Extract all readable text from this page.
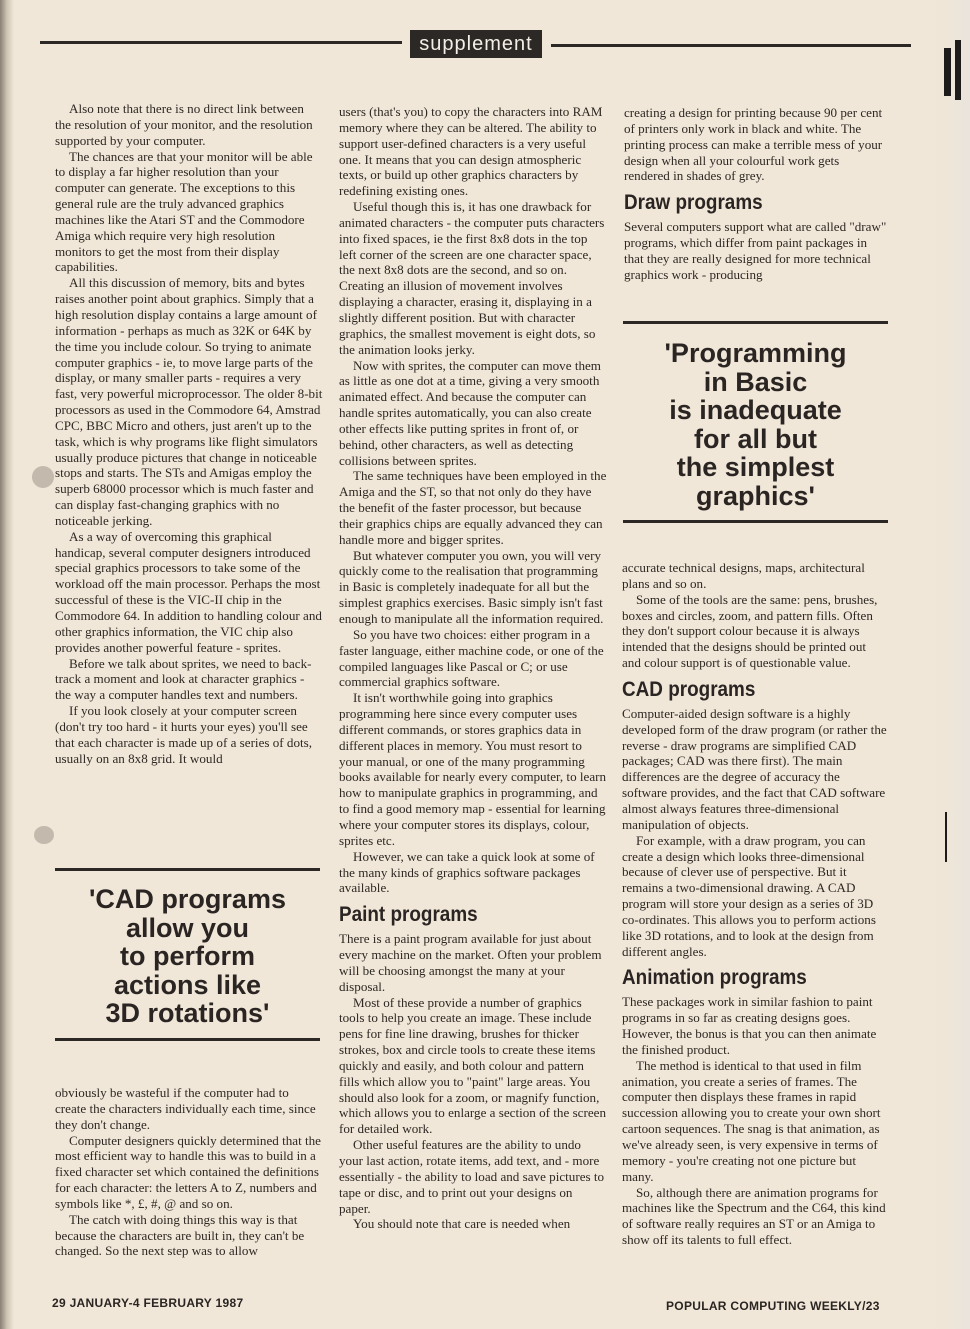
supplement

Also note that there is no direct link between the resolution of your monitor, and the resolution supported by your computer.

The chances are that your monitor will be able to display a far higher resolution than your computer can generate. The exceptions to this general rule are the truly advanced graphics machines like the Atari ST and the Commodore Amiga which require very high resolution monitors to get the most from their display capabilities.

All this discussion of memory, bits and bytes raises another point about graphics. Simply that a high resolution display contains a large amount of information - perhaps as much as 32K or 64K by the time you include colour. So trying to animate computer graphics - ie, to move large parts of the display, or many smaller parts - requires a very fast, very powerful microprocessor. The older 8-bit processors as used in the Commodore 64, Amstrad CPC, BBC Micro and others, just aren't up to the task, which is why programs like flight simulators usually produce pictures that change in noticeable stops and starts. The STs and Amigas employ the superb 68000 processor which is much faster and can display fast-changing graphics with no noticeable jerking.

As a way of overcoming this graphical handicap, several computer designers introduced special graphics processors to take some of the workload off the main processor. Perhaps the most successful of these is the VIC-II chip in the Commodore 64. In addition to handling colour and other graphics information, the VIC chip also provides another powerful feature - sprites.

Before we talk about sprites, we need to back-track a moment and look at character graphics - the way a computer handles text and numbers.

If you look closely at your computer screen (don't try too hard - it hurts your eyes) you'll see that each character is made up of a series of dots, usually on an 8x8 grid. It would

'CAD programs
allow you
to perform
actions like
3D rotations'

obviously be wasteful if the computer had to create the characters individually each time, since they don't change.

Computer designers quickly determined that the most efficient way to handle this was to build in a fixed character set which contained the definitions for each character: the letters A to Z, numbers and symbols like *, £, #, @ and so on.

The catch with doing things this way is that because the characters are built in, they can't be changed. So the next step was to allow

users (that's you) to copy the characters into RAM memory where they can be altered. The ability to support user-defined characters is a very useful one. It means that you can design atmospheric texts, or build up other graphics characters by redefining existing ones.

Useful though this is, it has one drawback for animated characters - the computer puts characters into fixed spaces, ie the first 8x8 dots in the top left corner of the screen are one character space, the next 8x8 dots are the second, and so on. Creating an illusion of movement involves displaying a character, erasing it, displaying in a slightly different position. But with character graphics, the smallest movement is eight dots, so the animation looks jerky.

Now with sprites, the computer can move them as little as one dot at a time, giving a very smooth animated effect. And because the computer can handle sprites automatically, you can also create other effects like putting sprites in front of, or behind, other characters, as well as detecting collisions between sprites.

The same techniques have been employed in the Amiga and the ST, so that not only do they have the benefit of the faster processor, but because their graphics chips are equally advanced they can handle more and bigger sprites.

But whatever computer you own, you will very quickly come to the realisation that programming in Basic is completely inadequate for all but the simplest graphics exercises. Basic simply isn't fast enough to manipulate all the information required.

So you have two choices: either program in a faster language, either machine code, or one of the compiled languages like Pascal or C; or use commercial graphics software.

It isn't worthwhile going into graphics programming here since every computer uses different commands, or stores graphics data in different places in memory. You must resort to your manual, or one of the many programming books available for nearly every computer, to learn how to manipulate graphics in programming, and to find a good memory map - essential for learning where your computer stores its displays, colour, sprites etc.

However, we can take a quick look at some of the many kinds of graphics software packages available.

Paint programs

There is a paint program available for just about every machine on the market. Often your problem will be choosing amongst the many at your disposal.

Most of these provide a number of graphics tools to help you create an image. These include pens for fine line drawing, brushes for thicker strokes, box and circle tools to create these items quickly and easily, and both colour and pattern fills which allow you to "paint" large areas. You should also look for a zoom, or magnify function, which allows you to enlarge a section of the screen for detailed work.

Other useful features are the ability to undo your last action, rotate items, add text, and - more essentially - the ability to load and save pictures to tape or disc, and to print out your designs on paper.

You should note that care is needed when

creating a design for printing because 90 per cent of printers only work in black and white. The printing process can make a terrible mess of your design when all your colourful work gets rendered in shades of grey.

Draw programs

Several computers support what are called "draw" programs, which differ from paint packages in that they are really designed for more technical graphics work - producing

'Programming
in Basic
is inadequate
for all but
the simplest
graphics'

accurate technical designs, maps, architectural plans and so on.

Some of the tools are the same: pens, brushes, boxes and circles, zoom, and pattern fills. Often they don't support colour because it is always intended that the designs should be printed out and colour support is of questionable value.

CAD programs

Computer-aided design software is a highly developed form of the draw program (or rather the reverse - draw programs are simplified CAD packages; CAD was there first). The main differences are the degree of accuracy the software provides, and the fact that CAD software almost always features three-dimensional manipulation of objects.

For example, with a draw program, you can create a design which looks three-dimensional because of clever use of perspective. But it remains a two-dimensional drawing. A CAD program will store your design as a series of 3D co-ordinates. This allows you to perform actions like 3D rotations, and to look at the design from different angles.

Animation programs

These packages work in similar fashion to paint programs in so far as creating designs goes. However, the bonus is that you can then animate the finished product.

The method is identical to that used in film animation, you create a series of frames. The computer then displays these frames in rapid succession allowing you to create your own short cartoon sequences. The snag is that animation, as we've already seen, is very expensive in terms of memory - you're creating not one picture but many.

So, although there are animation programs for machines like the Spectrum and the C64, this kind of software really requires an ST or an Amiga to show off its talents to full effect.

29 JANUARY-4 FEBRUARY 1987	POPULAR COMPUTING WEEKLY/23
